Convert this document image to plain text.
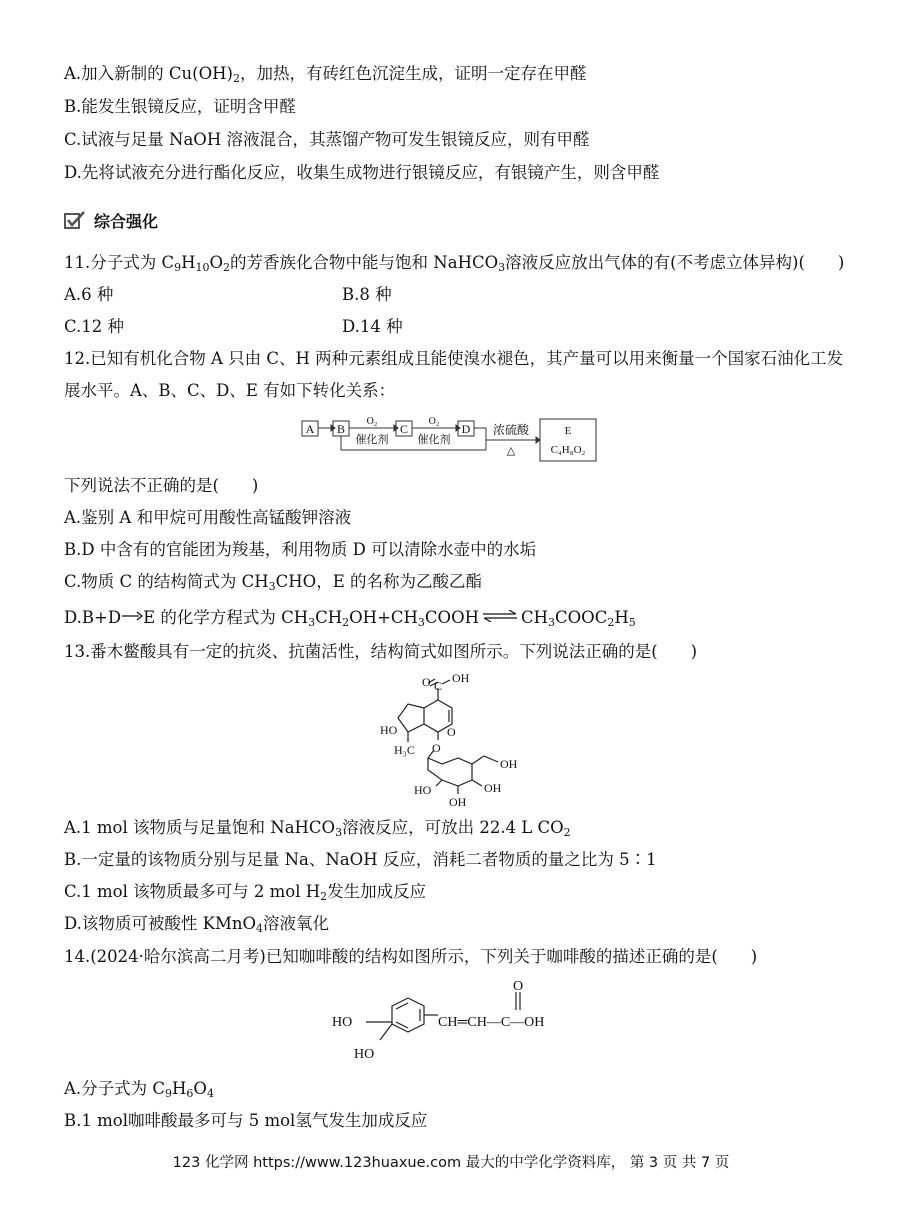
A.加入新制的 $Cu(OH)_2$，加热，有砖红色沉淀生成，证明一定存在甲醛
B.能发生银镜反应，证明含甲醛
C.试液与足量 NaOH 溶液混合，其蒸馏产物可发生银镜反应，则有甲醛
D.先将试液充分进行酯化反应，收集生成物进行银镜反应，有银镜产生，则含甲醛
综合强化
11.分子式为 $C_9H_{10}O_2$的芳香族化合物中能与饱和 NaHCO$_3$溶液反应放出气体的有(不考虑立体异构)(　　)
A.6 种	B.8 种
C.12 种	D.14 种
12.已知有机化合物 A 只由 C、H 两种元素组成且能使溴水褪色，其产量可以用来衡量一个国家石油化工发
展水平。A、B、C、D、E 有如下转化关系：
A B	C	D	E
C₄H₈O₂
O₂
催化剂
O₂
催化剂
浓硫酸
△
下列说法不正确的是(　　)
A.鉴别 A 和甲烷可用酸性高锰酸钾溶液
B.D 中含有的官能团为羧基，利用物质 D 可以清除水壶中的水垢
C.物质 C 的结构简式为 $CH_3CHO$，E 的名称为乙酸乙酯
D.B+D→E 的化学方程式为 $CH_3CH_2OH+CH_3COOH$ ⇌ $CH_3COOC_2H_5$
13.番木鳖酸具有一定的抗炎、抗菌活性，结构简式如图所示。下列说法正确的是(　　)
C
O OH
HO
H₃C
O
O
OH
OH
OH
HO
A.1 mol 该物质与足量饱和 NaHCO$_3$溶液反应，可放出 22.4 L $CO_2$
B.一定量的该物质分别与足量 Na、NaOH 反应，消耗二者物质的量之比为 5∶1
C.1 mol 该物质最多可与 2 mol $H_2$发生加成反应
D.该物质可被酸性 KMnO$_4$溶液氧化
14.(2024·哈尔滨高二月考)已知咖啡酸的结构如图所示，下列关于咖啡酸的描述正确的是(　　)
HO
HO
CH═CH—C—OH
O
A.分子式为 $C_9H_6O_4$
B.1 mol咖啡酸最多可与 5 mol氢气发生加成反应
123 化学网 https://www.123huaxue.com 最大的中学化学资料库， 第 3 页 共 7 页
